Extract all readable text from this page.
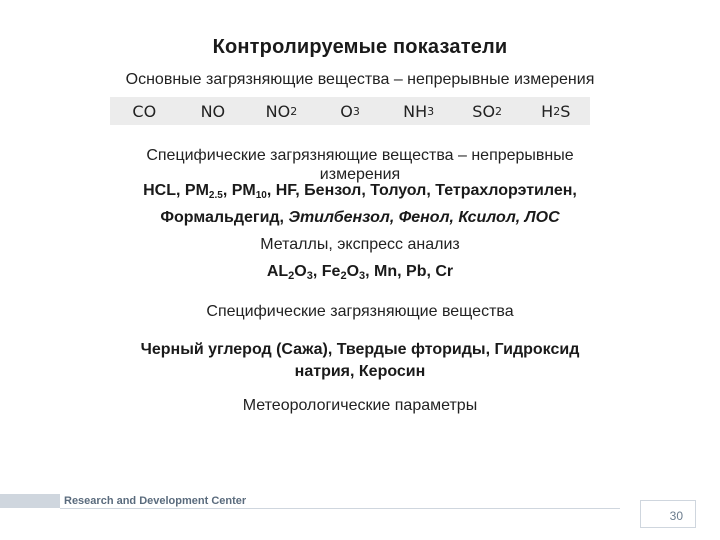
Контролируемые показатели
Основные загрязняющие вещества – непрерывные измерения
CO	NO	NO 2	O 3	NH 3 SO 2 H 2 S
Специфические загрязняющие вещества – непрерывные
измерения
HCL, $PM_{2.5}$, $PM_{10}$, HF, Бензол, Толуол, Тетрахлорэтилен,
Формальдегид, Этилбензол, Фенол, Ксилол, ЛОС
Металлы, экспресс анализ
$AL_2O_3$, $Fe_2O_3$, Mn, Pb, Cr
Специфические загрязняющие вещества
Черный углерод (Сажа), Твердые фториды, Гидроксид
натрия, Керосин
Метеорологические параметры
Research and Development Center
30
